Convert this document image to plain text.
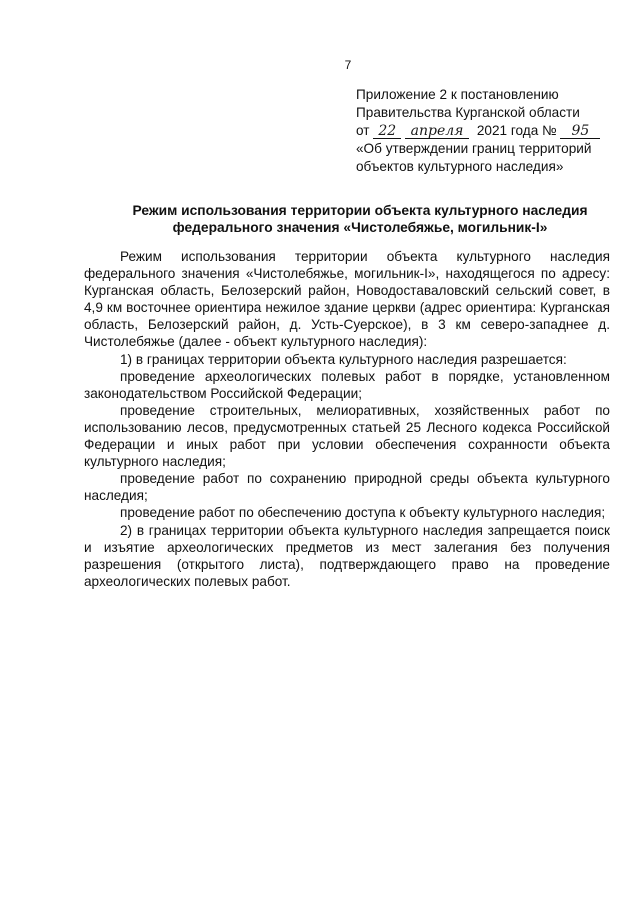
7
Приложение 2 к постановлению
Правительства Курганской области
от 22 апреля 2021 года № 95
«Об утверждении границ территорий
объектов культурного наследия»
Режим использования территории объекта культурного наследия
федерального значения «Чистолебяжье, могильник-I»

Режим использования территории объекта культурного наследия федерального значения «Чистолебяжье, могильник-I», находящегося по адресу: Курганская область, Белозерский район, Новодоставаловский сельский совет, в 4,9 км восточнее ориентира нежилое здание церкви (адрес ориентира: Курганская область, Белозерский район, д. Усть-Суерское), в 3 км северо-западнее д. Чистолебяжье (далее - объект культурного наследия):

1) в границах территории объекта культурного наследия разрешается:

проведение археологических полевых работ в порядке, установленном законодательством Российской Федерации;

проведение строительных, мелиоративных, хозяйственных работ по использованию лесов, предусмотренных статьей 25 Лесного кодекса Российской Федерации и иных работ при условии обеспечения сохранности объекта культурного наследия;

проведение работ по сохранению природной среды объекта культурного наследия;

проведение работ по обеспечению доступа к объекту культурного наследия;

2) в границах территории объекта культурного наследия запрещается поиск и изъятие археологических предметов из мест залегания без получения разрешения (открытого листа), подтверждающего право на проведение археологических полевых работ.
